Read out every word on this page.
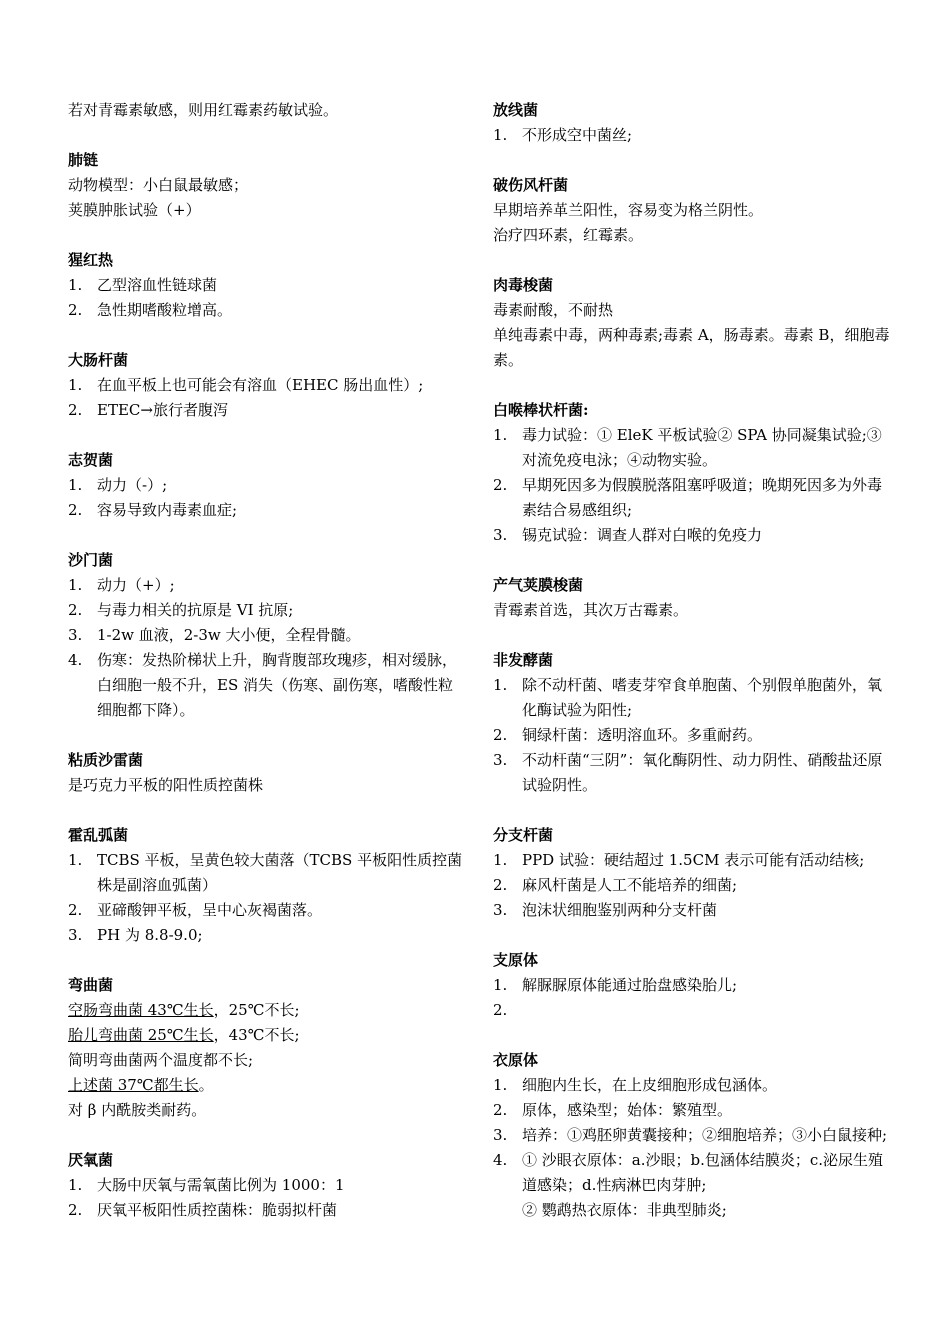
若对青霉素敏感，则用红霉素药敏试验。
肺链
动物模型：小白鼠最敏感；
荚膜肿胀试验（+）
猩红热
1. 乙型溶血性链球菌
2. 急性期嗜酸粒增高。
大肠杆菌
1. 在血平板上也可能会有溶血（EHEC 肠出血性）;
2. ETEC→旅行者腹泻
志贺菌
1. 动力（-）;
2. 容易导致内毒素血症;
沙门菌
1. 动力（+）;
2. 与毒力相关的抗原是 VI 抗原;
3. 1-2w 血液，2-3w 大小便，全程骨髓。
4. 伤寒：发热阶梯状上升，胸背腹部玫瑰疹，相对缓脉，白细胞一般不升，ES 消失（伤寒、副伤寒，嗜酸性粒细胞都下降）。
粘质沙雷菌
是巧克力平板的阳性质控菌株
霍乱弧菌
1. TCBS 平板，呈黄色较大菌落（TCBS 平板阳性质控菌株是副溶血弧菌）
2. 亚碲酸钾平板，呈中心灰褐菌落。
3. PH 为 8.8-9.0;
弯曲菌
空肠弯曲菌 43℃生长，25℃不长;
胎儿弯曲菌 25℃生长，43℃不长;
简明弯曲菌两个温度都不长;
上述菌 37℃都生长。
对 β 内酰胺类耐药。
厌氧菌
1. 大肠中厌氧与需氧菌比例为 1000：1
2. 厌氧平板阳性质控菌株：脆弱拟杆菌
放线菌
1. 不形成空中菌丝;
破伤风杆菌
早期培养革兰阳性，容易变为格兰阴性。
治疗四环素，红霉素。
肉毒梭菌
毒素耐酸，不耐热
单纯毒素中毒，两种毒素;毒素 A，肠毒素。毒素 B，细胞毒素。
白喉棒状杆菌:
1. 毒力试验：① EleK 平板试验② SPA 协同凝集试验;③对流免疫电泳；④动物实验。
2. 早期死因多为假膜脱落阻塞呼吸道；晚期死因多为外毒素结合易感组织;
3. 锡克试验：调查人群对白喉的免疫力
产气荚膜梭菌
青霉素首选，其次万古霉素。
非发酵菌
1. 除不动杆菌、嗜麦芽窄食单胞菌、个别假单胞菌外，氧化酶试验为阳性;
2. 铜绿杆菌：透明溶血环。多重耐药。
3. 不动杆菌“三阴”：氧化酶阴性、动力阴性、硝酸盐还原试验阴性。
分支杆菌
1. PPD 试验：硬结超过 1.5CM 表示可能有活动结核;
2. 麻风杆菌是人工不能培养的细菌;
3. 泡沫状细胞鉴别两种分支杆菌
支原体
1. 解脲脲原体能通过胎盘感染胎儿;
2.
衣原体
1. 细胞内生长，在上皮细胞形成包涵体。
2. 原体，感染型；始体：繁殖型。
3. 培养：①鸡胚卵黄囊接种；②细胞培养；③小白鼠接种;
4. ① 沙眼衣原体：a.沙眼；b.包涵体结膜炎；c.泌尿生殖道感染；d.性病淋巴肉芽肿;
② 鹦鹉热衣原体：非典型肺炎;
